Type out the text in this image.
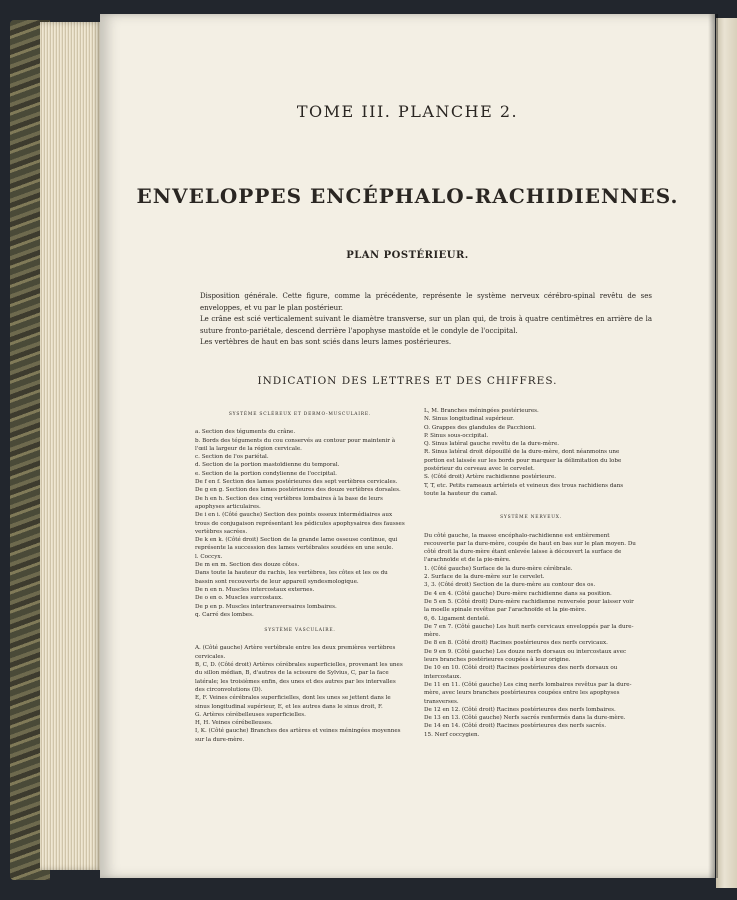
TOME III. PLANCHE 2.
ENVELOPPES ENCÉPHALO-RACHIDIENNES.
PLAN POSTÉRIEUR.

Disposition générale. Cette figure, comme la précédente, représente le système nerveux cérébro-spinal revêtu de ses enveloppes, et vu par le plan postérieur.

Le crâne est scié verticalement suivant le diamètre transverse, sur un plan qui, de trois à quatre centimètres en arrière de la suture fronto-pariétale, descend derrière l'apophyse mastoïde et le condyle de l'occipital.

Les vertèbres de haut en bas sont sciés dans leurs lames postérieures.

INDICATION DES LETTRES ET DES CHIFFRES.
SYSTÈME SCLÉREUX ET DERMO-MUSCULAIRE.

a. Section des téguments du crâne.

b. Bords des téguments du cou conservés au contour pour maintenir à l'œil la largeur de la région cervicale.

c. Section de l'os pariétal.

d. Section de la portion mastoïdienne du temporal.

e. Section de la portion condylienne de l'occipital.

De f en f. Section des lames postérieures des sept vertèbres cervicales.

De g en g. Section des lames postérieures des douze vertèbres dorsales.

De h en h. Section des cinq vertèbres lombaires à la base de leurs apophyses articulaires.

De i en i. (Côté gauche) Section des points osseux intermédiaires aux trous de conjugaison représentant les pédicules apophysaires des fausses vertèbres sacrées.

De k en k. (Côté droit) Section de la grande lame osseuse continue, qui représente la succession des lames vertébrales soudées en une seule.

l. Coccyx.

De m en m. Section des douze côtes.

Dans toute la hauteur du rachis, les vertèbres, les côtes et les os du bassin sont recouverts de leur appareil syndesmologique.

De n en n. Muscles intercostaux externes.

De o en o. Muscles surcostaux.

De p en p. Muscles intertransversaires lombaires.

q. Carré des lombes.

SYSTÈME VASCULAIRE.

A. (Côté gauche) Artère vertébrale entre les deux premières vertèbres cervicales.

B, C, D. (Côté droit) Artères cérébrales superficielles, provenant les unes du sillon médian, B, d'autres de la scissure de Sylvius, C, par la face latérale; les troisièmes enfin, des unes et des autres par les intervalles des circonvolutions (D).

E, F. Veines cérébrales superficielles, dont les unes se jettent dans le sinus longitudinal supérieur, E, et les autres dans le sinus droit, F.

G. Artères cérébelleuses superficielles.

H, H. Veines cérébelleuses.

I, K. (Côté gauche) Branches des artères et veines méningées moyennes sur la dure-mère.

L, M. Branches méningées postérieures.

N. Sinus longitudinal supérieur.

O. Grappes des glandules de Pacchioni.

P. Sinus sous-occipital.

Q. Sinus latéral gauche revêtu de la dure-mère.

R. Sinus latéral droit dépouillé de la dure-mère, dont néanmoins une portion est laissée sur les bords pour marquer la délimitation du lobe postérieur du cerveau avec le cervelet.

S. (Côté droit) Artère rachidienne postérieure.

T, T, etc. Petits rameaux artériels et veineux des trous rachidiens dans toute la hauteur du canal.

SYSTÈME NERVEUX.

Du côté gauche, la masse encéphalo-rachidienne est entièrement recouverte par la dure-mère, coupée de haut en bas sur le plan moyen. Du côté droit la dure-mère étant enlevée laisse à découvert la surface de l'arachnoïde et de la pie-mère.

1. (Côté gauche) Surface de la dure-mère cérébrale.

2. Surface de la dure-mère sur le cervelet.

3, 3. (Côté droit) Section de la dure-mère au contour des os.

De 4 en 4. (Côté gauche) Dure-mère rachidienne dans sa position.

De 5 en 5. (Côté droit) Dure-mère rachidienne renversée pour laisser voir la moelle spinale revêtue par l'arachnoïde et la pie-mère.

6, 6. Ligament dentelé.

De 7 en 7. (Côté gauche) Les huit nerfs cervicaux enveloppés par la dure-mère.

De 8 en 8. (Côté droit) Racines postérieures des nerfs cervicaux.

De 9 en 9. (Côté gauche) Les douze nerfs dorsaux ou intercostaux avec leurs branches postérieures coupées à leur origine.

De 10 en 10. (Côté droit) Racines postérieures des nerfs dorsaux ou intercostaux.

De 11 en 11. (Côté gauche) Les cinq nerfs lombaires revêtus par la dure-mère, avec leurs branches postérieures coupées entre les apophyses transverses.

De 12 en 12. (Côté droit) Racines postérieures des nerfs lombaires.

De 13 en 13. (Côté gauche) Nerfs sacrés renfermés dans la dure-mère.

De 14 en 14. (Côté droit) Racines postérieures des nerfs sacrés.

15. Nerf coccygien.
